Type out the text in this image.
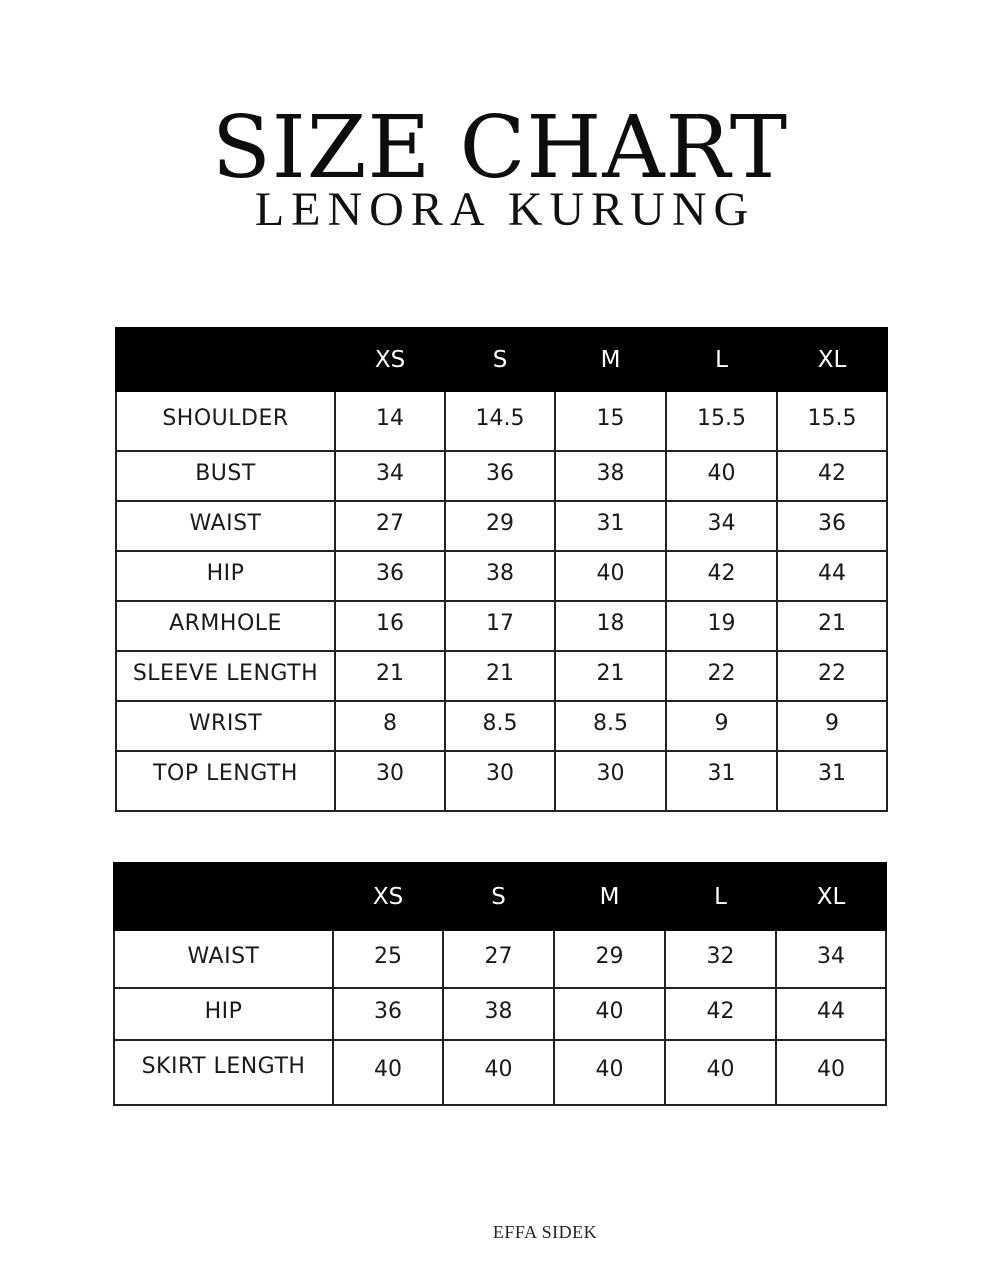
SIZE CHART
LENORA KURUNG
	XS	S	M	L	XL
SHOULDER	14	14.5	15	15.5	15.5
BUST	34	36	38	40	42
WAIST	27	29	31	34	36
HIP	36	38	40	42	44
ARMHOLE	16	17	18	19	21
SLEEVE LENGTH	21	21	21	22	22
WRIST	8	8.5	8.5	9	9
TOP LENGTH	30	30	30	31	31
	XS	S	M	L	XL
WAIST	25	27	29	32	34
HIP	36	38	40	42	44
SKIRT LENGTH	40	40	40	40	40
EFFA SIDEK
